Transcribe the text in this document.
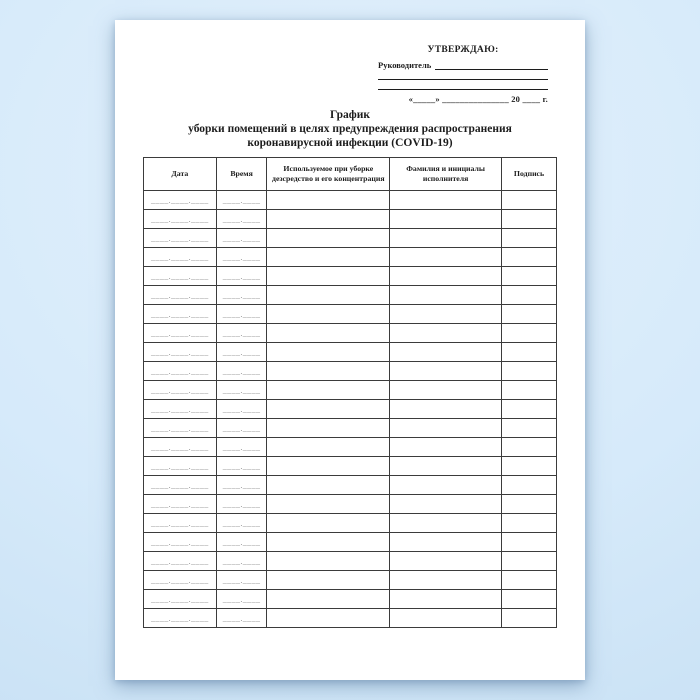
УТВЕРЖДАЮ:
Руководитель
«_____» _______________ 20 ____ г.
График
уборки помещений в целях предупреждения распространения
коронавирусной инфекции (COVID-19)
Дата	Время	Используемое при уборке дезсредство и его концентрация	Фамилия и инициалы исполнителя	Подпись
____.____.____	____.____			
____.____.____	____.____			
____.____.____	____.____			
____.____.____	____.____			
____.____.____	____.____			
____.____.____	____.____			
____.____.____	____.____			
____.____.____	____.____			
____.____.____	____.____			
____.____.____	____.____			
____.____.____	____.____			
____.____.____	____.____			
____.____.____	____.____			
____.____.____	____.____			
____.____.____	____.____			
____.____.____	____.____			
____.____.____	____.____			
____.____.____	____.____			
____.____.____	____.____			
____.____.____	____.____			
____.____.____	____.____			
____.____.____	____.____			
____.____.____	____.____			
